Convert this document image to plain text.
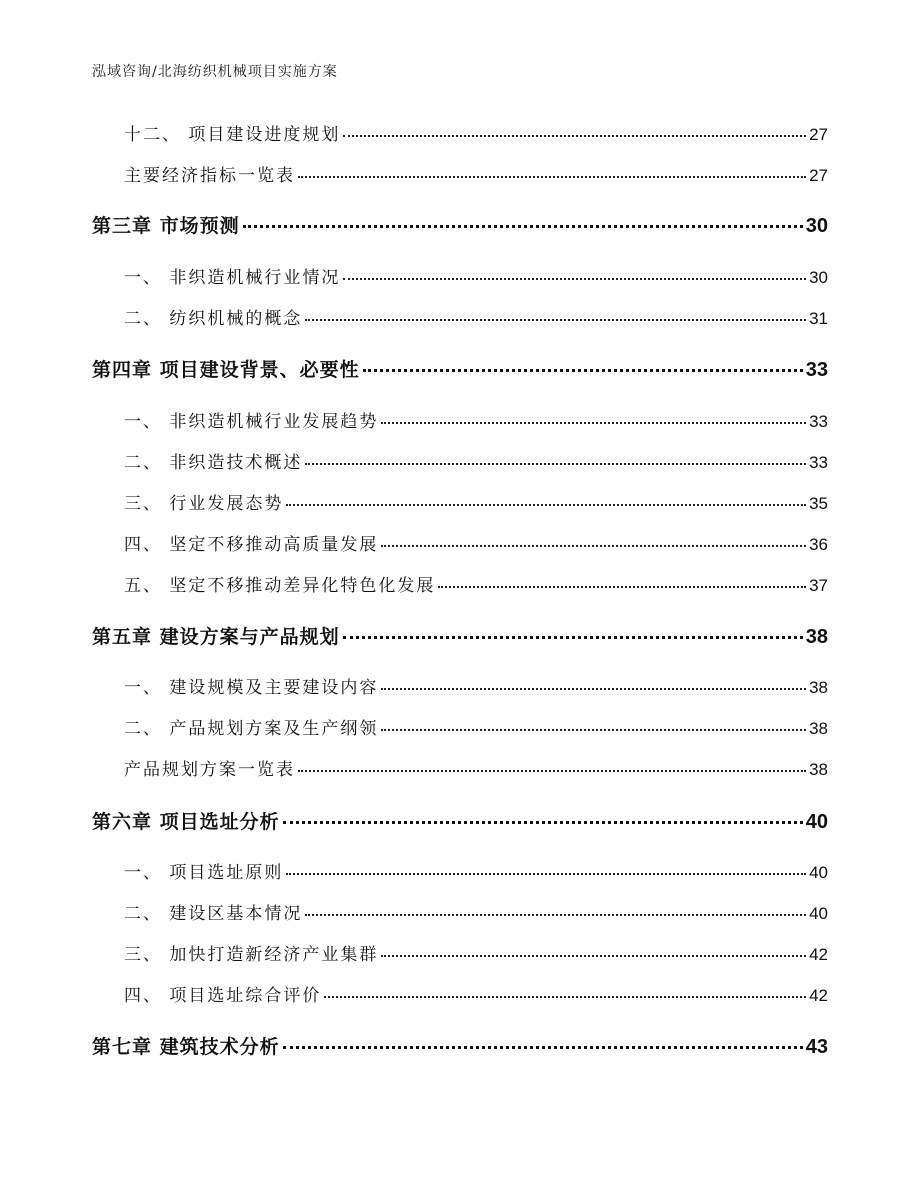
泓域咨询/北海纺织机械项目实施方案
十二、 项目建设进度规划	27
主要经济指标一览表	27
第三章 市场预测	30
一、 非织造机械行业情况	30
二、 纺织机械的概念	31
第四章 项目建设背景、必要性	33
一、 非织造机械行业发展趋势	33
二、 非织造技术概述	33
三、 行业发展态势	35
四、 坚定不移推动高质量发展	36
五、 坚定不移推动差异化特色化发展	37
第五章 建设方案与产品规划	38
一、 建设规模及主要建设内容	38
二、 产品规划方案及生产纲领	38
产品规划方案一览表	38
第六章 项目选址分析	40
一、 项目选址原则	40
二、 建设区基本情况	40
三、 加快打造新经济产业集群	42
四、 项目选址综合评价	42
第七章 建筑技术分析	43
